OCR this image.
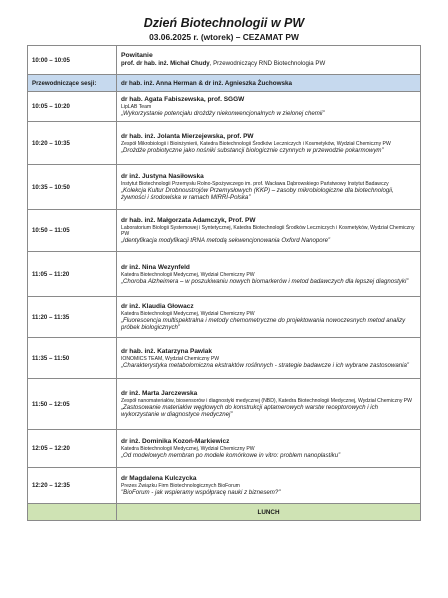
Dzień Biotechnologii w PW
03.06.2025 r. (wtorek) – CEZAMAT PW
10:00 – 10:05	Powitanie
prof. dr hab. inż. Michał Chudy, Przewodniczący RND Biotechnologia PW

Przewodniczące sesji:	dr hab. inż. Anna Herman & dr inż. Agnieszka Żuchowska
10:05 – 10:20	dr hab. Agata Fabiszewska, prof. SGGW
LipLAB Team
„Wykorzystanie potencjału drożdży niekonwencjonalnych w zielonej chemii”

10:20 – 10:35	dr hab. inż. Jolanta Mierzejewska, prof. PW
Zespół Mikrobiologii i Bioinżynierii, Katedra Biotechnologii Środków Leczniczych i Kosmetyków, Wydział Chemiczny PW
„Drożdże probiotyczne jako nośniki substancji biologicznie czynnych w przewodzie pokarmowym”

10:35 – 10:50	dr inż. Justyna Nasiłowska
Instytut Biotechnologii Przemysłu Rolno-Spożywczego im. prof. Wacława Dąbrowskiego Państwowy Instytut Badawczy
„Kolekcja Kultur Drobnoustrojów Przemysłowych (KKP) – zasoby mikrobiologiczne dla biotechnologii, żywności i środowiska w ramach MIRRI-Polska”

10:50 – 11:05	dr hab. inż. Małgorzata Adamczyk, Prof. PW
Laboratorium Biologii Systemowej i Syntetycznej, Katedra Biotechnologii Środków Leczniczych i Kosmetyków, Wydział Chemiczny PW
„Identyfikacja modyfikacji tRNA metodą sekwencjonowania Oxford Nanopore”

11:05 – 11:20	dr inż. Nina Wezynfeld
Katedra Biotechnologii Medycznej, Wydział Chemiczny PW
„Choroba Alzheimera – w poszukiwaniu nowych biomarkerów i metod badawczych dla lepszej diagnostyki”

11:20 – 11:35	dr inż. Klaudia Głowacz
Katedra Biotechnologii Medycznej, Wydział Chemiczny PW
„Fluorescencja multispektralna i metody chemometryczne do projektowania nowoczesnych metod analizy próbek biologicznych”

11:35 – 11:50	dr hab. inż. Katarzyna Pawlak
IONOMICS TEAM, Wydział Chemiczny PW
„Charakterystyka metabolomiczna ekstraktów roślinnych - strategie badawcze i ich wybrane zastosowania”

11:50 – 12:05	dr inż. Marta Jarczewska
Zespół nanomateriałów, biosensorów i diagnostyki medycznej (NBD), Katedra Biotechnologii Medycznej, Wydział Chemiczny PW
„Zastosowanie materiałów węglowych do konstrukcji aptamerowych warstw receptorowych i ich wykorzystanie w diagnostyce medycznej”

12:05 – 12:20	dr inż. Dominika Kozoń-Markiewicz
Katedra Biotechnologii Medycznej, Wydział Chemiczny PW
„Od modelowych membran po modele komórkowe in vitro: problem nanoplastiku”

12:20 – 12:35	dr Magdalena Kulczycka
Prezes Związku Firm Biotechnologicznych BioForum
"BioForum - jak wspieramy współpracę nauki z biznesem?"

	LUNCH
